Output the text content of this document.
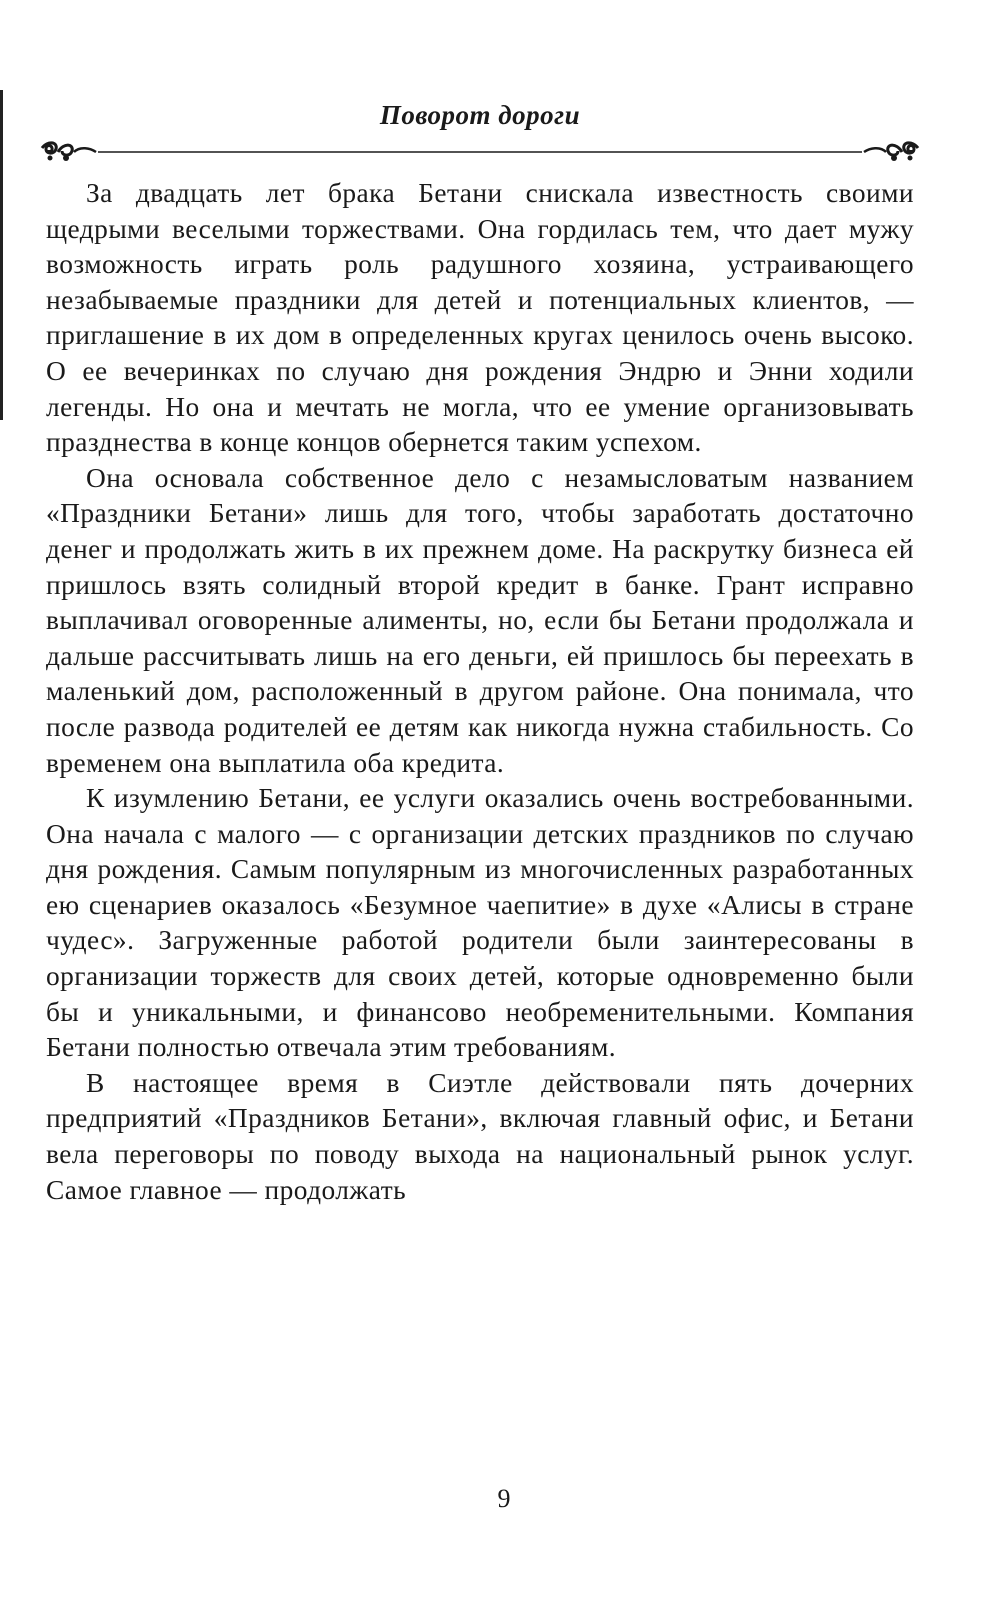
Поворот дороги

За двадцать лет брака Бетани снискала известность своими щедрыми веселыми торжествами. Она гордилась тем, что дает мужу возможность играть роль радушного хозяина, устраивающего незабываемые праздники для детей и потенциальных клиентов, — приглашение в их дом в определенных кругах ценилось очень высоко. О ее вечеринках по случаю дня рождения Эндрю и Энни ходили легенды. Но она и мечтать не могла, что ее умение организовывать празднества в конце концов обернется таким успехом.

Она основала собственное дело с незамысловатым названием «Праздники Бетани» лишь для того, чтобы заработать достаточно денег и продолжать жить в их прежнем доме. На раскрутку бизнеса ей пришлось взять солидный второй кредит в банке. Грант исправно выплачивал оговоренные алименты, но, если бы Бетани продолжала и дальше рассчитывать лишь на его деньги, ей пришлось бы переехать в маленький дом, расположенный в другом районе. Она понимала, что после развода родителей ее детям как никогда нужна стабильность. Со временем она выплатила оба кредита.

К изумлению Бетани, ее услуги оказались очень востребованными. Она начала с малого — с организации детских праздников по случаю дня рождения. Самым популярным из многочисленных разработанных ею сценариев оказалось «Безумное чаепитие» в духе «Алисы в стране чудес». Загруженные работой родители были заинтересованы в организации торжеств для своих детей, которые одновременно были бы и уникальными, и финансово необременительными. Компания Бетани полностью отвечала этим требованиям.

В настоящее время в Сиэтле действовали пять дочерних предприятий «Праздников Бетани», включая главный офис, и Бетани вела переговоры по поводу выхода на национальный рынок услуг. Самое главное — продолжать

9
